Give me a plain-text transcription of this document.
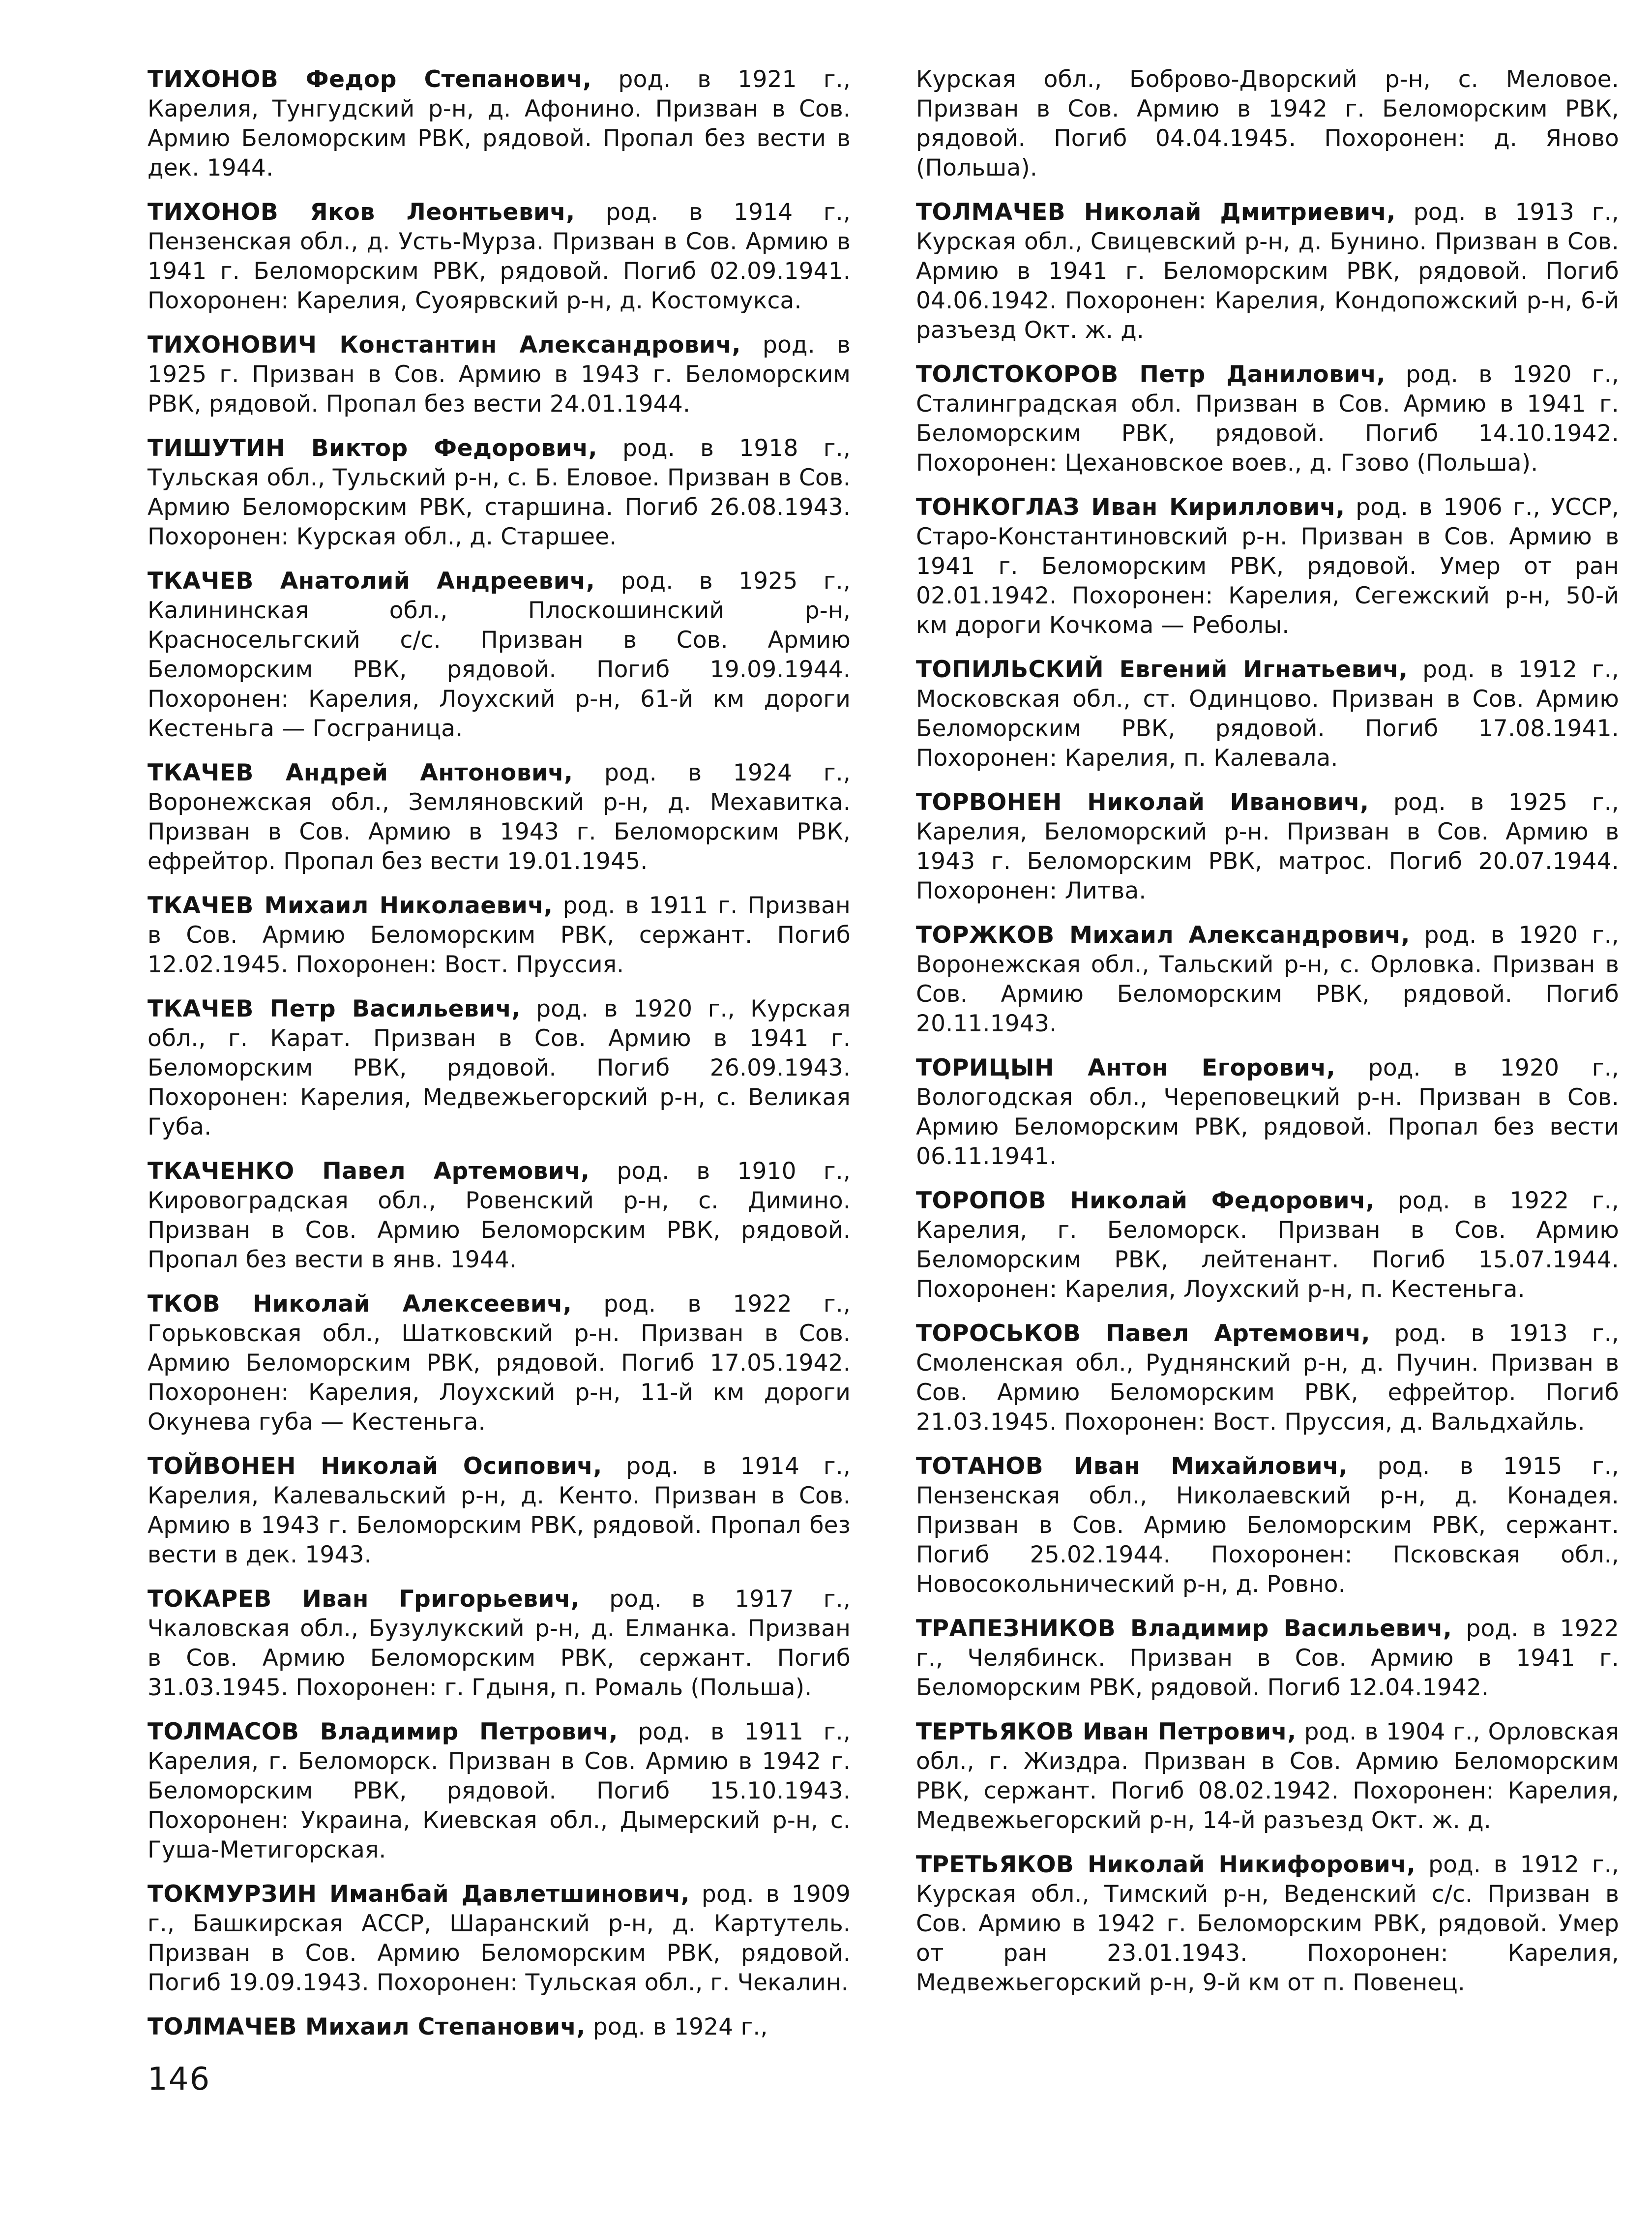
ТИХОНОВ Федор Степанович, род. в 1921 г., Карелия, Тунгудский р-н, д. Афонино. Призван в Сов. Армию Беломорским РВК, рядовой. Пропал без вести в дек. 1944.

ТИХОНОВ Яков Леонтьевич, род. в 1914 г., Пензенская обл., д. Усть-Мурза. Призван в Сов. Армию в 1941 г. Беломорским РВК, рядовой. Погиб 02.09.1941. Похоронен: Карелия, Суоярвский р-н, д. Костомукса.

ТИХОНОВИЧ Константин Александрович, род. в 1925 г. Призван в Сов. Армию в 1943 г. Беломорским РВК, рядовой. Пропал без вести 24.01.1944.

ТИШУТИН Виктор Федорович, род. в 1918 г., Тульская обл., Тульский р-н, с. Б. Еловое. Призван в Сов. Армию Беломорским РВК, старшина. Погиб 26.08.1943. Похоронен: Курская обл., д. Старшее.

ТКАЧЕВ Анатолий Андреевич, род. в 1925 г., Калининская обл., Плоскошинский р-н, Красносельгский с/с. Призван в Сов. Армию Беломорским РВК, рядовой. Погиб 19.09.1944. Похоронен: Карелия, Лоухский р-н, 61-й км дороги Кестеньга — Госграница.

ТКАЧЕВ Андрей Антонович, род. в 1924 г., Воронежская обл., Земляновский р-н, д. Мехавитка. Призван в Сов. Армию в 1943 г. Беломорским РВК, ефрейтор. Пропал без вести 19.01.1945.

ТКАЧЕВ Михаил Николаевич, род. в 1911 г. Призван в Сов. Армию Беломорским РВК, сержант. Погиб 12.02.1945. Похоронен: Вост. Пруссия.

ТКАЧЕВ Петр Васильевич, род. в 1920 г., Курская обл., г. Карат. Призван в Сов. Армию в 1941 г. Беломорским РВК, рядовой. Погиб 26.09.1943. Похоронен: Карелия, Медвежьегорский р-н, с. Великая Губа.

ТКАЧЕНКО Павел Артемович, род. в 1910 г., Кировоградская обл., Ровенский р-н, с. Димино. Призван в Сов. Армию Беломорским РВК, рядовой. Пропал без вести в янв. 1944.

ТКОВ Николай Алексеевич, род. в 1922 г., Горьковская обл., Шатковский р-н. Призван в Сов. Армию Беломорским РВК, рядовой. Погиб 17.05.1942. Похоронен: Карелия, Лоухский р-н, 11-й км дороги Окунева губа — Кестеньга.

ТОЙВОНЕН Николай Осипович, род. в 1914 г., Карелия, Калевальский р-н, д. Кенто. Призван в Сов. Армию в 1943 г. Беломорским РВК, рядовой. Пропал без вести в дек. 1943.

ТОКАРЕВ Иван Григорьевич, род. в 1917 г., Чкаловская обл., Бузулукский р-н, д. Елманка. Призван в Сов. Армию Беломорским РВК, сержант. Погиб 31.03.1945. Похоронен: г. Гдыня, п. Ромаль (Польша).

ТОЛМАСОВ Владимир Петрович, род. в 1911 г., Карелия, г. Беломорск. Призван в Сов. Армию в 1942 г. Беломорским РВК, рядовой. Погиб 15.10.1943. Похоронен: Украина, Киевская обл., Дымерский р-н, с. Гуша-Метигорская.

ТОКМУРЗИН Иманбай Давлетшинович, род. в 1909 г., Башкирская АССР, Шаранский р-н, д. Картутель. Призван в Сов. Армию Беломорским РВК, рядовой. Погиб 19.09.1943. Похоронен: Тульская обл., г. Чекалин.

ТОЛМАЧЕВ Михаил Степанович, род. в 1924 г.,

Курская обл., Боброво-Дворский р-н, с. Меловое. Призван в Сов. Армию в 1942 г. Беломорским РВК, рядовой. Погиб 04.04.1945. Похоронен: д. Яново (Польша).

ТОЛМАЧЕВ Николай Дмитриевич, род. в 1913 г., Курская обл., Свицевский р-н, д. Бунино. Призван в Сов. Армию в 1941 г. Беломорским РВК, рядовой. Погиб 04.06.1942. Похоронен: Карелия, Кондопожский р-н, 6-й разъезд Окт. ж. д.

ТОЛСТОКОРОВ Петр Данилович, род. в 1920 г., Сталинградская обл. Призван в Сов. Армию в 1941 г. Беломорским РВК, рядовой. Погиб 14.10.1942. Похоронен: Цехановское воев., д. Гзово (Польша).

ТОНКОГЛАЗ Иван Кириллович, род. в 1906 г., УССР, Старо-Константиновский р-н. Призван в Сов. Армию в 1941 г. Беломорским РВК, рядовой. Умер от ран 02.01.1942. Похоронен: Карелия, Сегежский р-н, 50-й км дороги Кочкома — Реболы.

ТОПИЛЬСКИЙ Евгений Игнатьевич, род. в 1912 г., Московская обл., ст. Одинцово. Призван в Сов. Армию Беломорским РВК, рядовой. Погиб 17.08.1941. Похоронен: Карелия, п. Калевала.

ТОРВОНЕН Николай Иванович, род. в 1925 г., Карелия, Беломорский р-н. Призван в Сов. Армию в 1943 г. Беломорским РВК, матрос. Погиб 20.07.1944. Похоронен: Литва.

ТОРЖКОВ Михаил Александрович, род. в 1920 г., Воронежская обл., Тальский р-н, с. Орловка. Призван в Сов. Армию Беломорским РВК, рядовой. Погиб 20.11.1943.

ТОРИЦЫН Антон Егорович, род. в 1920 г., Вологодская обл., Череповецкий р-н. Призван в Сов. Армию Беломорским РВК, рядовой. Пропал без вести 06.11.1941.

ТОРОПОВ Николай Федорович, род. в 1922 г., Карелия, г. Беломорск. Призван в Сов. Армию Беломорским РВК, лейтенант. Погиб 15.07.1944. Похоронен: Карелия, Лоухский р-н, п. Кестеньга.

ТОРОСЬКОВ Павел Артемович, род. в 1913 г., Смоленская обл., Руднянский р-н, д. Пучин. Призван в Сов. Армию Беломорским РВК, ефрейтор. Погиб 21.03.1945. Похоронен: Вост. Пруссия, д. Вальдхайль.

ТОТАНОВ Иван Михайлович, род. в 1915 г., Пензенская обл., Николаевский р-н, д. Конадея. Призван в Сов. Армию Беломорским РВК, сержант. Погиб 25.02.1944. Похоронен: Псковская обл., Новосокольнический р-н, д. Ровно.

ТРАПЕЗНИКОВ Владимир Васильевич, род. в 1922 г., Челябинск. Призван в Сов. Армию в 1941 г. Беломорским РВК, рядовой. Погиб 12.04.1942.

ТЕРТЬЯКОВ Иван Петрович, род. в 1904 г., Орловская обл., г. Жиздра. Призван в Сов. Армию Беломорским РВК, сержант. Погиб 08.02.1942. Похоронен: Карелия, Медвежьегорский р-н, 14-й разъезд Окт. ж. д.

ТРЕТЬЯКОВ Николай Никифорович, род. в 1912 г., Курская обл., Тимский р-н, Веденский с/с. Призван в Сов. Армию в 1942 г. Беломорским РВК, рядовой. Умер от ран 23.01.1943. Похоронен: Карелия, Медвежьегорский р-н, 9-й км от п. Повенец.

146
